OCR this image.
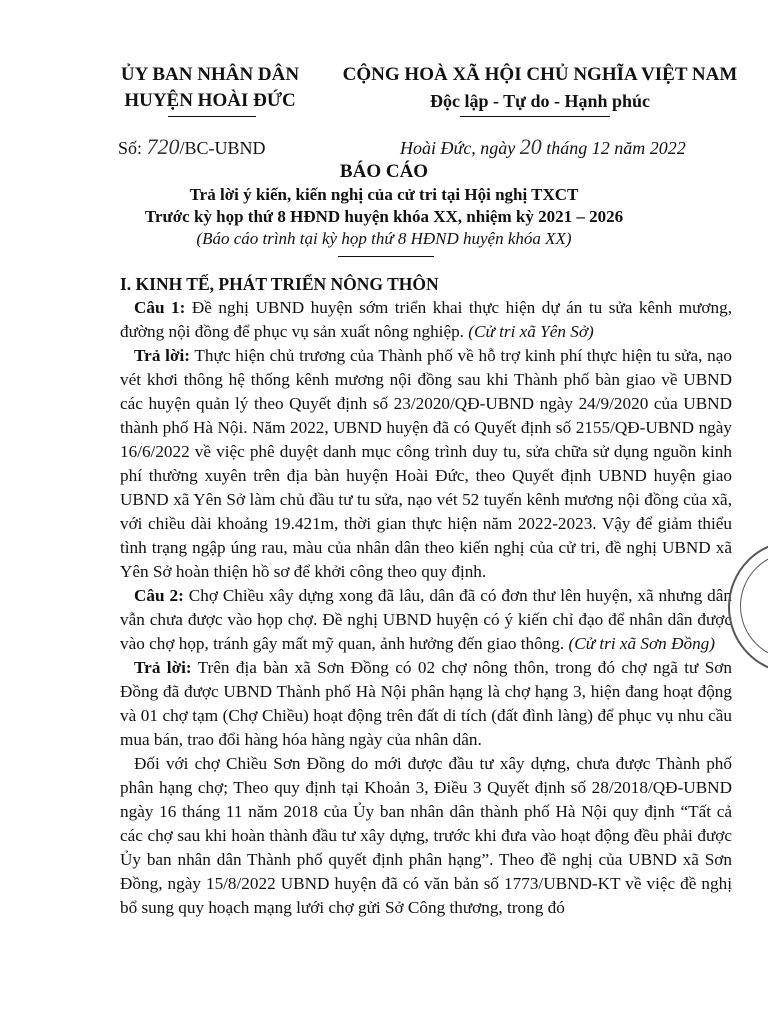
ỦY BAN NHÂN DÂN
HUYỆN HOÀI ĐỨC
CỘNG HOÀ XÃ HỘI CHỦ NGHĨA VIỆT NAM
Độc lập - Tự do - Hạnh phúc
Số: 720/BC-UBND	Hoài Đức, ngày 20 tháng 12 năm 2022
BÁO CÁO
Trả lời ý kiến, kiến nghị của cử tri tại Hội nghị TXCT
Trước kỳ họp thứ 8 HĐND huyện khóa XX, nhiệm kỳ 2021 – 2026
(Báo cáo trình tại kỳ họp thứ 8 HĐND huyện khóa XX)

I. KINH TẾ, PHÁT TRIỂN NÔNG THÔN

Câu 1: Đề nghị UBND huyện sớm triển khai thực hiện dự án tu sửa kênh mương, đường nội đồng để phục vụ sản xuất nông nghiệp. (Cử tri xã Yên Sở)

Trả lời: Thực hiện chủ trương của Thành phố về hỗ trợ kinh phí thực hiện tu sửa, nạo vét khơi thông hệ thống kênh mương nội đồng sau khi Thành phố bàn giao về UBND các huyện quản lý theo Quyết định số 23/2020/QĐ-UBND ngày 24/9/2020 của UBND thành phố Hà Nội. Năm 2022, UBND huyện đã có Quyết định số 2155/QĐ-UBND ngày 16/6/2022 về việc phê duyệt danh mục công trình duy tu, sửa chữa sử dụng nguồn kinh phí thường xuyên trên địa bàn huyện Hoài Đức, theo Quyết định UBND huyện giao UBND xã Yên Sở làm chủ đầu tư tu sửa, nạo vét 52 tuyến kênh mương nội đồng của xã, với chiều dài khoảng 19.421m, thời gian thực hiện năm 2022-2023. Vậy để giảm thiểu tình trạng ngập úng rau, màu của nhân dân theo kiến nghị của cử tri, đề nghị UBND xã Yên Sở hoàn thiện hồ sơ để khởi công theo quy định.

Câu 2: Chợ Chiều xây dựng xong đã lâu, dân đã có đơn thư lên huyện, xã nhưng dân vẫn chưa được vào họp chợ. Đề nghị UBND huyện có ý kiến chỉ đạo để nhân dân được vào chợ họp, tránh gây mất mỹ quan, ảnh hưởng đến giao thông. (Cử tri xã Sơn Đồng)

Trả lời: Trên địa bàn xã Sơn Đồng có 02 chợ nông thôn, trong đó chợ ngã tư Sơn Đồng đã được UBND Thành phố Hà Nội phân hạng là chợ hạng 3, hiện đang hoạt động và 01 chợ tạm (Chợ Chiều) hoạt động trên đất di tích (đất đình làng) để phục vụ nhu cầu mua bán, trao đổi hàng hóa hàng ngày của nhân dân.

Đối với chợ Chiều Sơn Đồng do mới được đầu tư xây dựng, chưa được Thành phố phân hạng chợ; Theo quy định tại Khoản 3, Điều 3 Quyết định số 28/2018/QĐ-UBND ngày 16 tháng 11 năm 2018 của Ủy ban nhân dân thành phố Hà Nội quy định “Tất cả các chợ sau khi hoàn thành đầu tư xây dựng, trước khi đưa vào hoạt động đều phải được Ủy ban nhân dân Thành phố quyết định phân hạng”. Theo đề nghị của UBND xã Sơn Đồng, ngày 15/8/2022 UBND huyện đã có văn bản số 1773/UBND-KT về việc đề nghị bổ sung quy hoạch mạng lưới chợ gửi Sở Công thương, trong đó
